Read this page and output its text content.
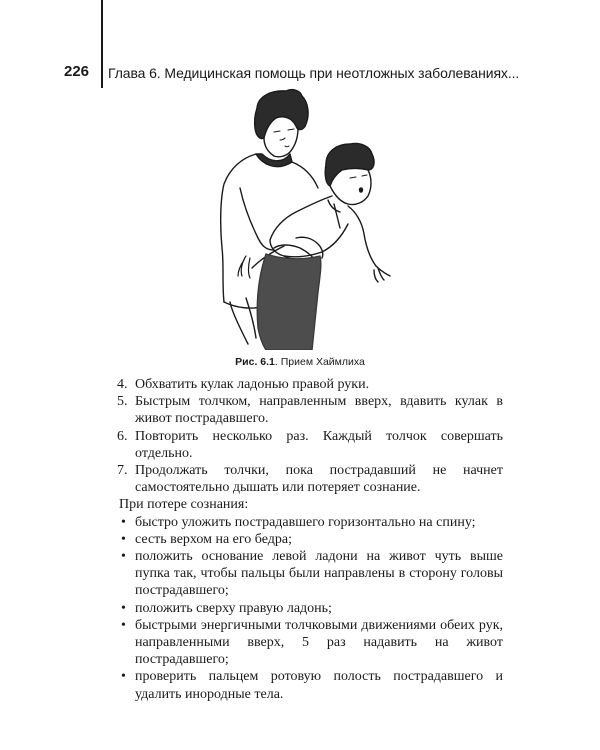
226	Глава 6. Медицинская помощь при неотложных заболеваниях...
Рис. 6.1. Прием Хаймлиха
4. Обхватить кулак ладонью правой руки.
5. Быстрым толчком, направленным вверх, вдавить кулак в живот пострадавшего.
6. Повторить несколько раз. Каждый толчок совершать отдельно.
7. Продолжать толчки, пока пострадавший не начнет самостоятельно дышать или потеряет сознание.
При потере сознания:
• быстро уложить пострадавшего горизонтально на спину;
• сесть верхом на его бедра;
• положить основание левой ладони на живот чуть выше пупка так, чтобы пальцы были направлены в сторону головы пострадавшего;
• положить сверху правую ладонь;
• быстрыми энергичными толчковыми движениями обеих рук, направленными вверх, 5 раз надавить на живот пострадавшего;
• проверить пальцем ротовую полость пострадавшего и удалить инородные тела.
